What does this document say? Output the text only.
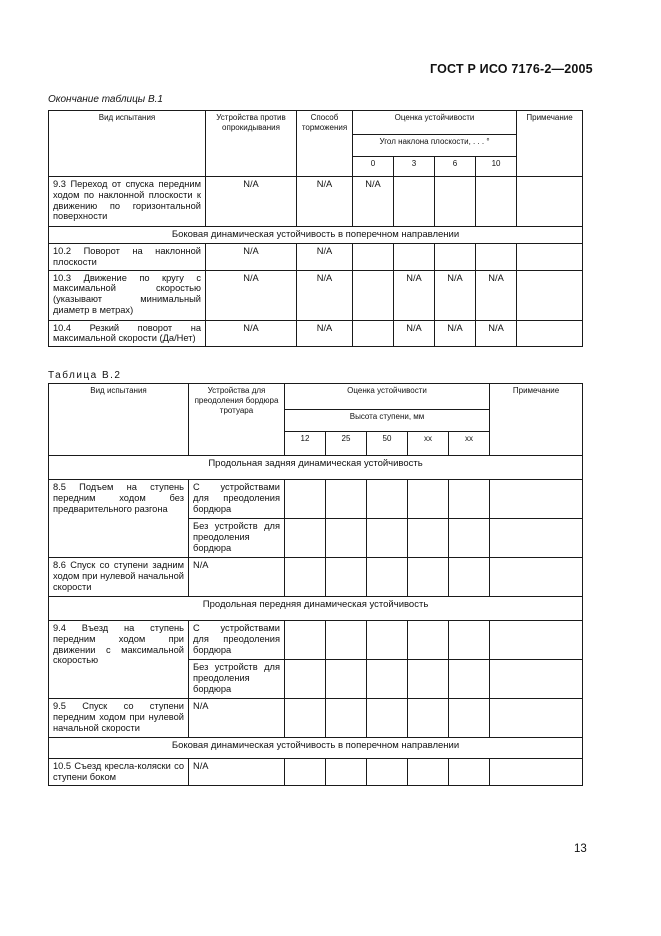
ГОСТ Р ИСО 7176-2—2005
Окончание таблицы В.1
Вид испытания	Устройства против опрокидывания	Способ торможения	Оценка устойчивости				Примечание
			Угол наклона плоскости, . . . °				
			0	3	6	10	
9.3 Переход от спуска передним ходом по наклонной плоскости к движению по горизонтальной поверхности	N/A	N/A	N/A				
Боковая динамическая устойчивость в поперечном направлении							
10.2 Поворот на наклонной плоскости	N/A	N/A					
10.3 Движение по кругу с максимальной скоростью (указывают минимальный диаметр в метрах)	N/A	N/A		N/A	N/A	N/A	
10.4 Резкий поворот на максимальной скорости (Да/Нет)	N/A	N/A		N/A	N/A	N/A	
Таблица В.2
Вид испытания	Устройства для преодоления бордюра тротуара	Оценка устойчивости					Примечание
		Высота ступени, мм					
		12	25	50	хх	хх	
Продольная задняя динамическая устойчивость							
8.5 Подъем на ступень передним ходом без предварительного разгона	С устройствами для преодоления бордюра						
	Без устройств для преодоления бордюра						
8.6 Спуск со ступени задним ходом при нулевой начальной скорости	N/A						
Продольная передняя динамическая устойчивость							
9.4 Въезд на ступень передним ходом при движении с максимальной скоростью	С устройствами для преодоления бордюра						
	Без устройств для преодоления бордюра						
9.5 Спуск со ступени передним ходом при нулевой начальной скорости	N/A						
Боковая динамическая устойчивость в поперечном направлении							
10.5 Съезд кресла-коляски со ступени боком	N/A						
13
